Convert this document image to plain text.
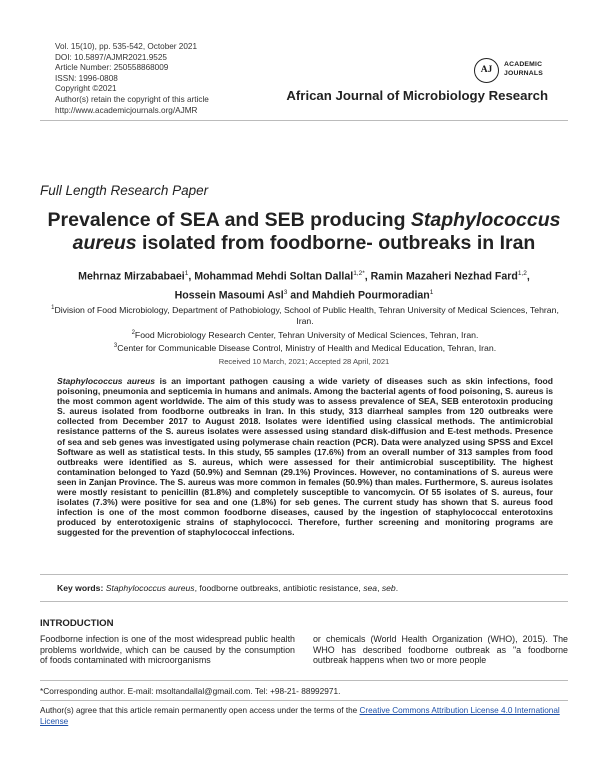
Vol. 15(10), pp. 535-542, October 2021
DOI: 10.5897/AJMR2021.9525
Article Number: 250558868009
ISSN: 1996-0808
Copyright ©2021
Author(s) retain the copyright of this article
http://www.academicjournals.org/AJMR
AJ
ACADEMIC
JOURNALS
African Journal of Microbiology Research
Full Length Research Paper
Prevalence of SEA and SEB producing Staphylococcus aureus isolated from foodborne- outbreaks in Iran
Mehrnaz Mirzababaei$^1$, Mohammad Mehdi Soltan Dallal$^{1,2*}$, Ramin Mazaheri Nezhad Fard$^{1,2}$,
Hossein Masoumi Asl$^3$ and Mahdieh Pourmoradian$^1$
$^1$Division of Food Microbiology, Department of Pathobiology, School of Public Health, Tehran University of Medical Sciences, Tehran, Iran.
$^2$Food Microbiology Research Center, Tehran University of Medical Sciences, Tehran, Iran.
$^3$Center for Communicable Disease Control, Ministry of Health and Medical Education, Tehran, Iran.
Received 10 March, 2021; Accepted 28 April, 2021
Staphylococcus aureus is an important pathogen causing a wide variety of diseases such as skin infections, food poisoning, pneumonia and septicemia in humans and animals. Among the bacterial agents of food poisoning, S. aureus is the most common agent worldwide. The aim of this study was to assess prevalence of SEA, SEB enterotoxin producing S. aureus isolated from foodborne outbreaks in Iran. In this study, 313 diarrheal samples from 120 outbreaks were collected from December 2017 to August 2018. Isolates were identified using classical methods. The antimicrobial resistance patterns of the S. aureus isolates were assessed using standard disk-diffusion and E-test methods. Presence of sea and seb genes was investigated using polymerase chain reaction (PCR). Data were analyzed using SPSS and Excel Software as well as statistical tests. In this study, 55 samples (17.6%) from an overall number of 313 samples from food outbreaks were identified as S. aureus, which were assessed for their antimicrobial susceptibility. The highest contamination belonged to Yazd (50.9%) and Semnan (29.1%) Provinces. However, no contaminations of S. aureus were seen in Zanjan Province. The S. aureus was more common in females (50.9%) than males. Furthermore, S. aureus isolates were mostly resistant to penicillin (81.8%) and completely susceptible to vancomycin. Of 55 isolates of S. aureus, four isolates (7.3%) were positive for sea and one (1.8%) for seb genes. The current study has shown that S. aureus food infection is one of the most common foodborne diseases, caused by the ingestion of staphylococcal enterotoxins produced by enterotoxigenic strains of staphylococci. Therefore, further screening and monitoring programs are suggested for the prevention of staphylococcal infections.
Key words: Staphylococcus aureus, foodborne outbreaks, antibiotic resistance, sea, seb.
INTRODUCTION
Foodborne infection is one of the most widespread public health problems worldwide, which can be caused by the consumption of foods contaminated with microorganisms
or chemicals (World Health Organization (WHO), 2015). The WHO has described foodborne outbreak as "a foodborne outbreak happens when two or more people
*Corresponding author. E-mail: msoltandallal@gmail.com. Tel: +98-21- 88992971.
Author(s) agree that this article remain permanently open access under the terms of the Creative Commons Attribution License 4.0 International License
